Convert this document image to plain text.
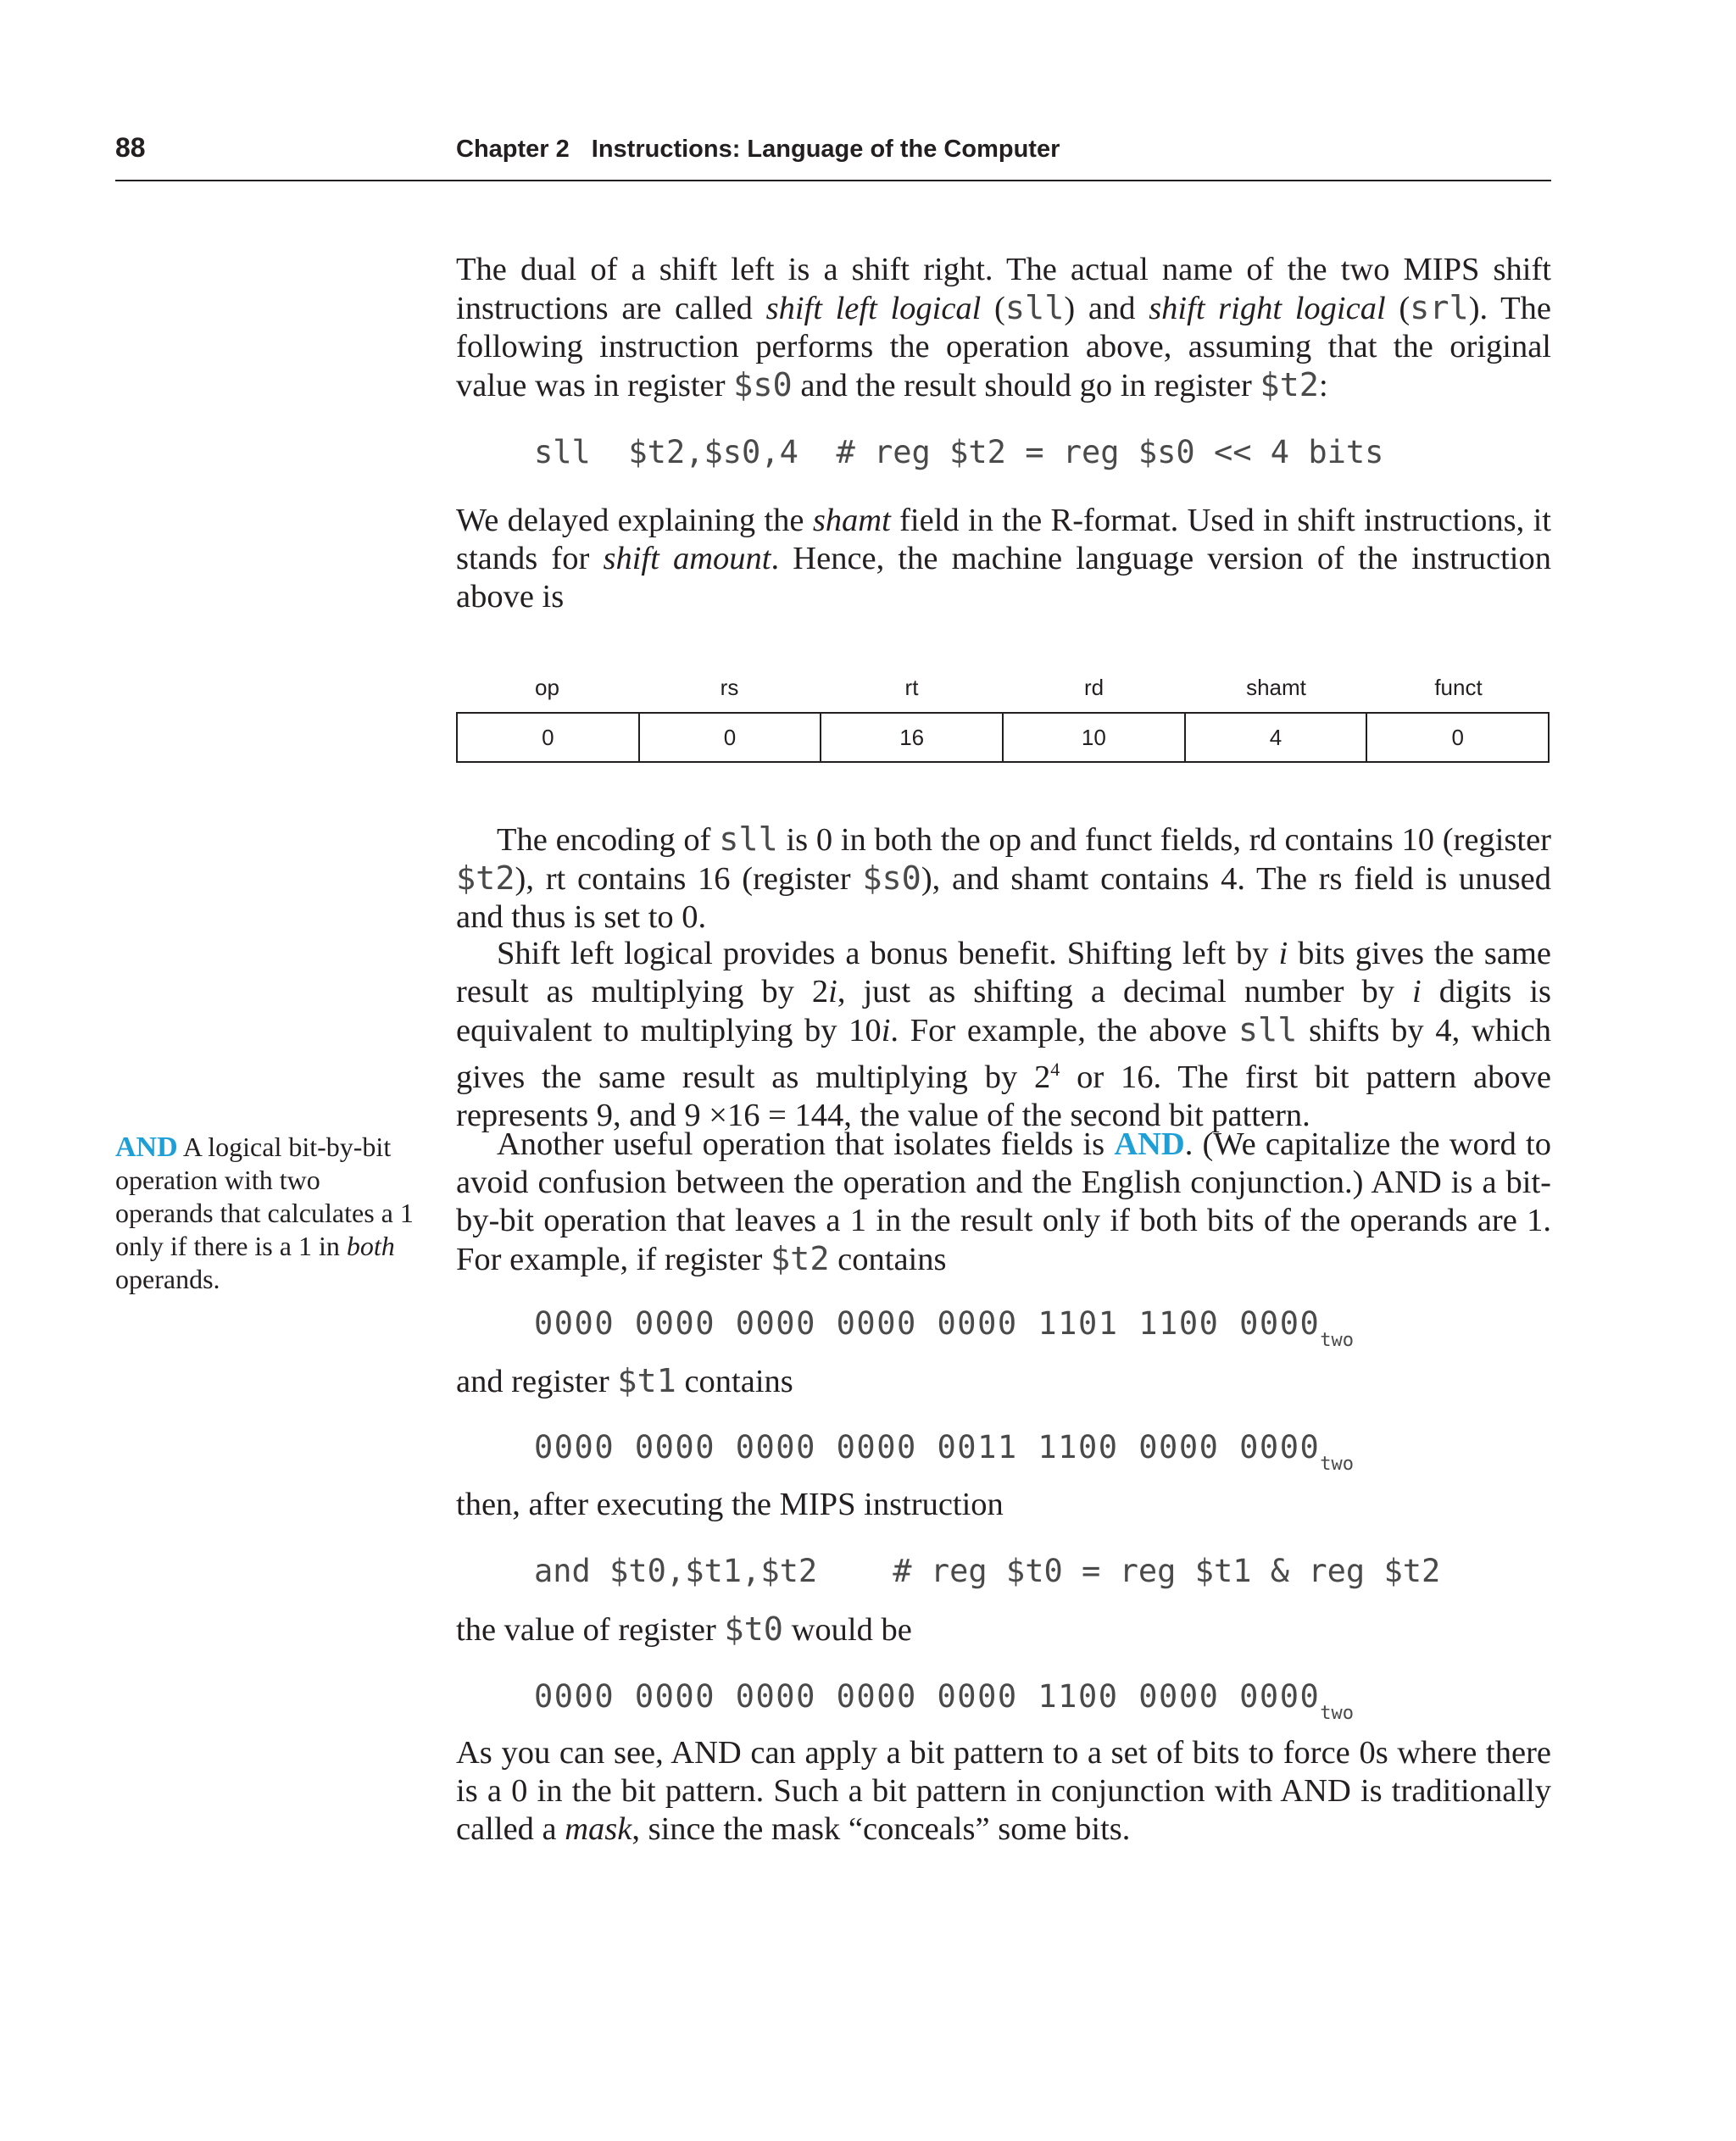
88	Chapter 2 Instructions: Language of the Computer
The dual of a shift left is a shift right. The actual name of the two MIPS shift instructions are called shift left logical (sll) and shift right logical (srl). The following instruction performs the operation above, assuming that the original value was in register $s0 and the result should go in register $t2:
sll $t2,$s0,4 # reg $t2 = reg $s0 << 4 bits
We delayed explaining the shamt field in the R-format. Used in shift instructions, it stands for shift amount. Hence, the machine language version of the instruction above is
op	rs	rt	rd	shamt	funct
0	0	16	10	4	0
The encoding of sll is 0 in both the op and funct fields, rd contains 10 (register $t2), rt contains 16 (register $s0), and shamt contains 4. The rs field is unused and thus is set to 0.
Shift left logical provides a bonus benefit. Shifting left by i bits gives the same result as multiplying by 2i, just as shifting a decimal number by i digits is equivalent to multiplying by 10i. For example, the above sll shifts by 4, which gives the same result as multiplying by $2^4$ or 16. The first bit pattern above represents 9, and 9 ×16 = 144, the value of the second bit pattern.
Another useful operation that isolates fields is AND. (We capitalize the word to avoid confusion between the operation and the English conjunction.) AND is a bit-by-bit operation that leaves a 1 in the result only if both bits of the operands are 1. For example, if register $t2 contains
AND A logical bit-by-bit operation with two operands that calculates a 1 only if there is a 1 in both operands.
0000 0000 0000 0000 0000 1101 1100 $0000_{two}$
and register $t1 contains
0000 0000 0000 0000 0011 1100 0000 $0000_{two}$
then, after executing the MIPS instruction
and $t0,$t1,$t2 # reg $t0 = reg $t1 & reg $t2
the value of register $t0 would be
0000 0000 0000 0000 0000 1100 0000 $0000_{two}$
As you can see, AND can apply a bit pattern to a set of bits to force 0s where there is a 0 in the bit pattern. Such a bit pattern in conjunction with AND is traditionally called a mask, since the mask “conceals” some bits.
